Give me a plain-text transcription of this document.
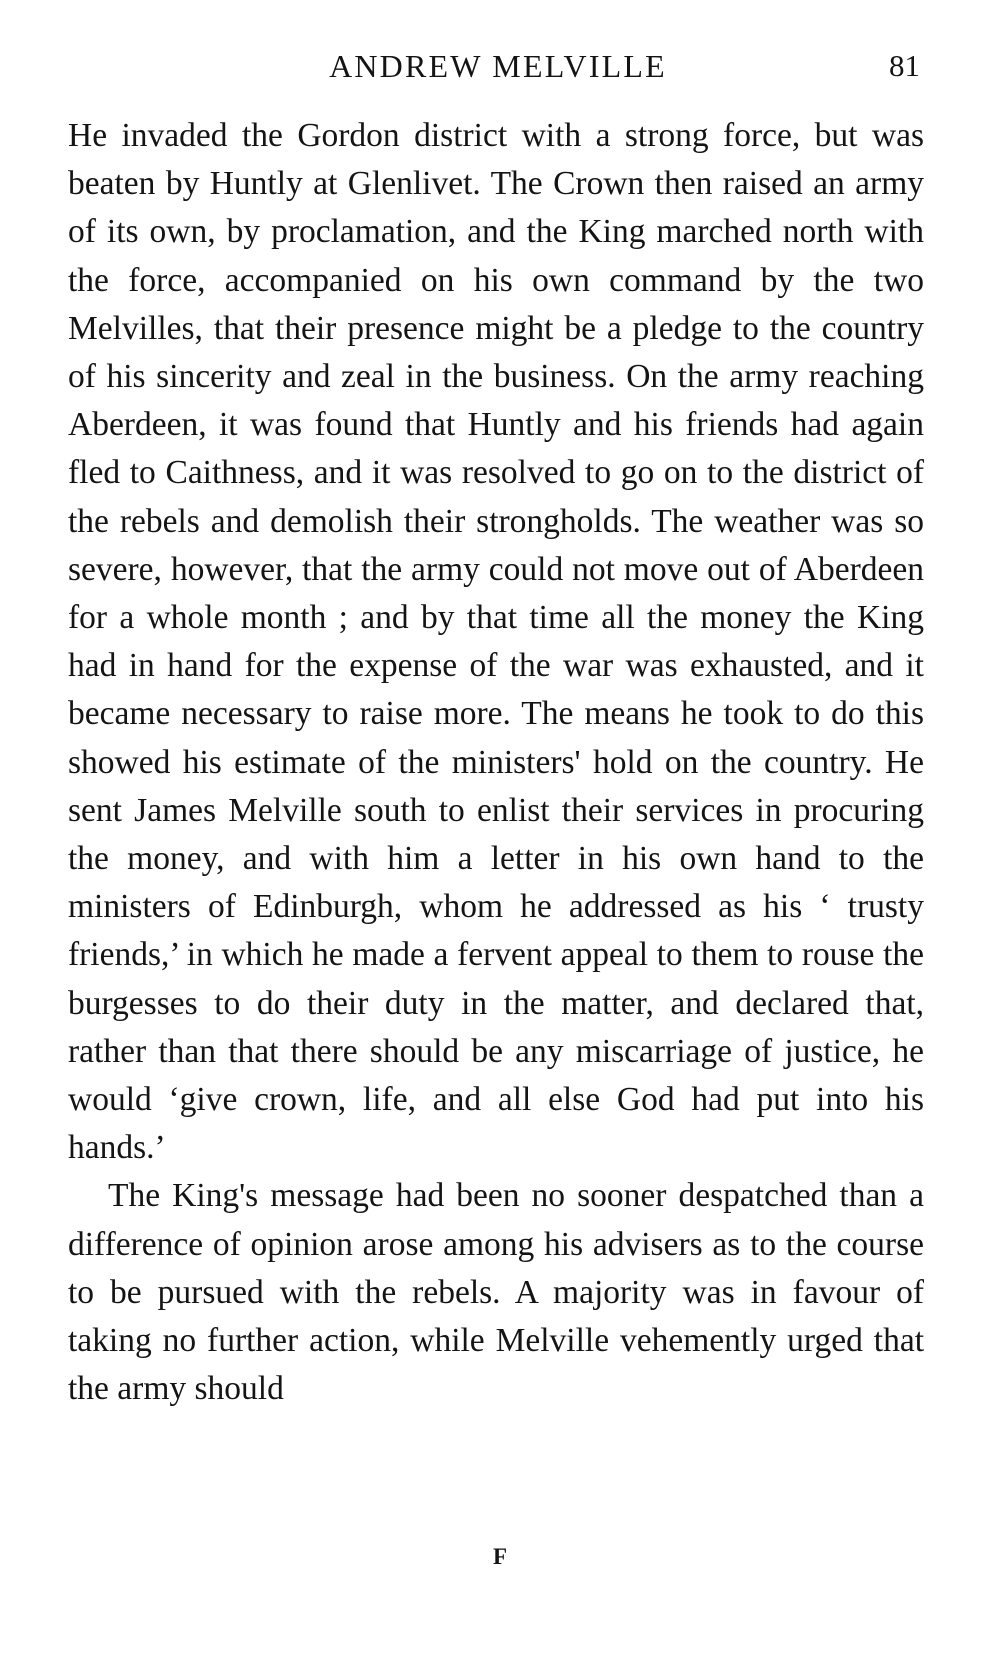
ANDREW MELVILLE	81

He invaded the Gordon district with a strong force, but was beaten by Huntly at Glenlivet. The Crown then raised an army of its own, by proclamation, and the King marched north with the force, accompanied on his own command by the two Melvilles, that their presence might be a pledge to the country of his sincerity and zeal in the business. On the army reaching Aberdeen, it was found that Huntly and his friends had again fled to Caithness, and it was resolved to go on to the district of the rebels and demolish their strongholds. The weather was so severe, however, that the army could not move out of Aberdeen for a whole month ; and by that time all the money the King had in hand for the expense of the war was exhausted, and it became necessary to raise more. The means he took to do this showed his estimate of the ministers' hold on the country. He sent James Melville south to enlist their services in procuring the money, and with him a letter in his own hand to the ministers of Edinburgh, whom he addressed as his ‘ trusty friends,’ in which he made a fervent appeal to them to rouse the burgesses to do their duty in the matter, and declared that, rather than that there should be any miscarriage of justice, he would ‘give crown, life, and all else God had put into his hands.’

The King's message had been no sooner despatched than a difference of opinion arose among his advisers as to the course to be pursued with the rebels. A majority was in favour of taking no further action, while Melville vehemently urged that the army should

F
